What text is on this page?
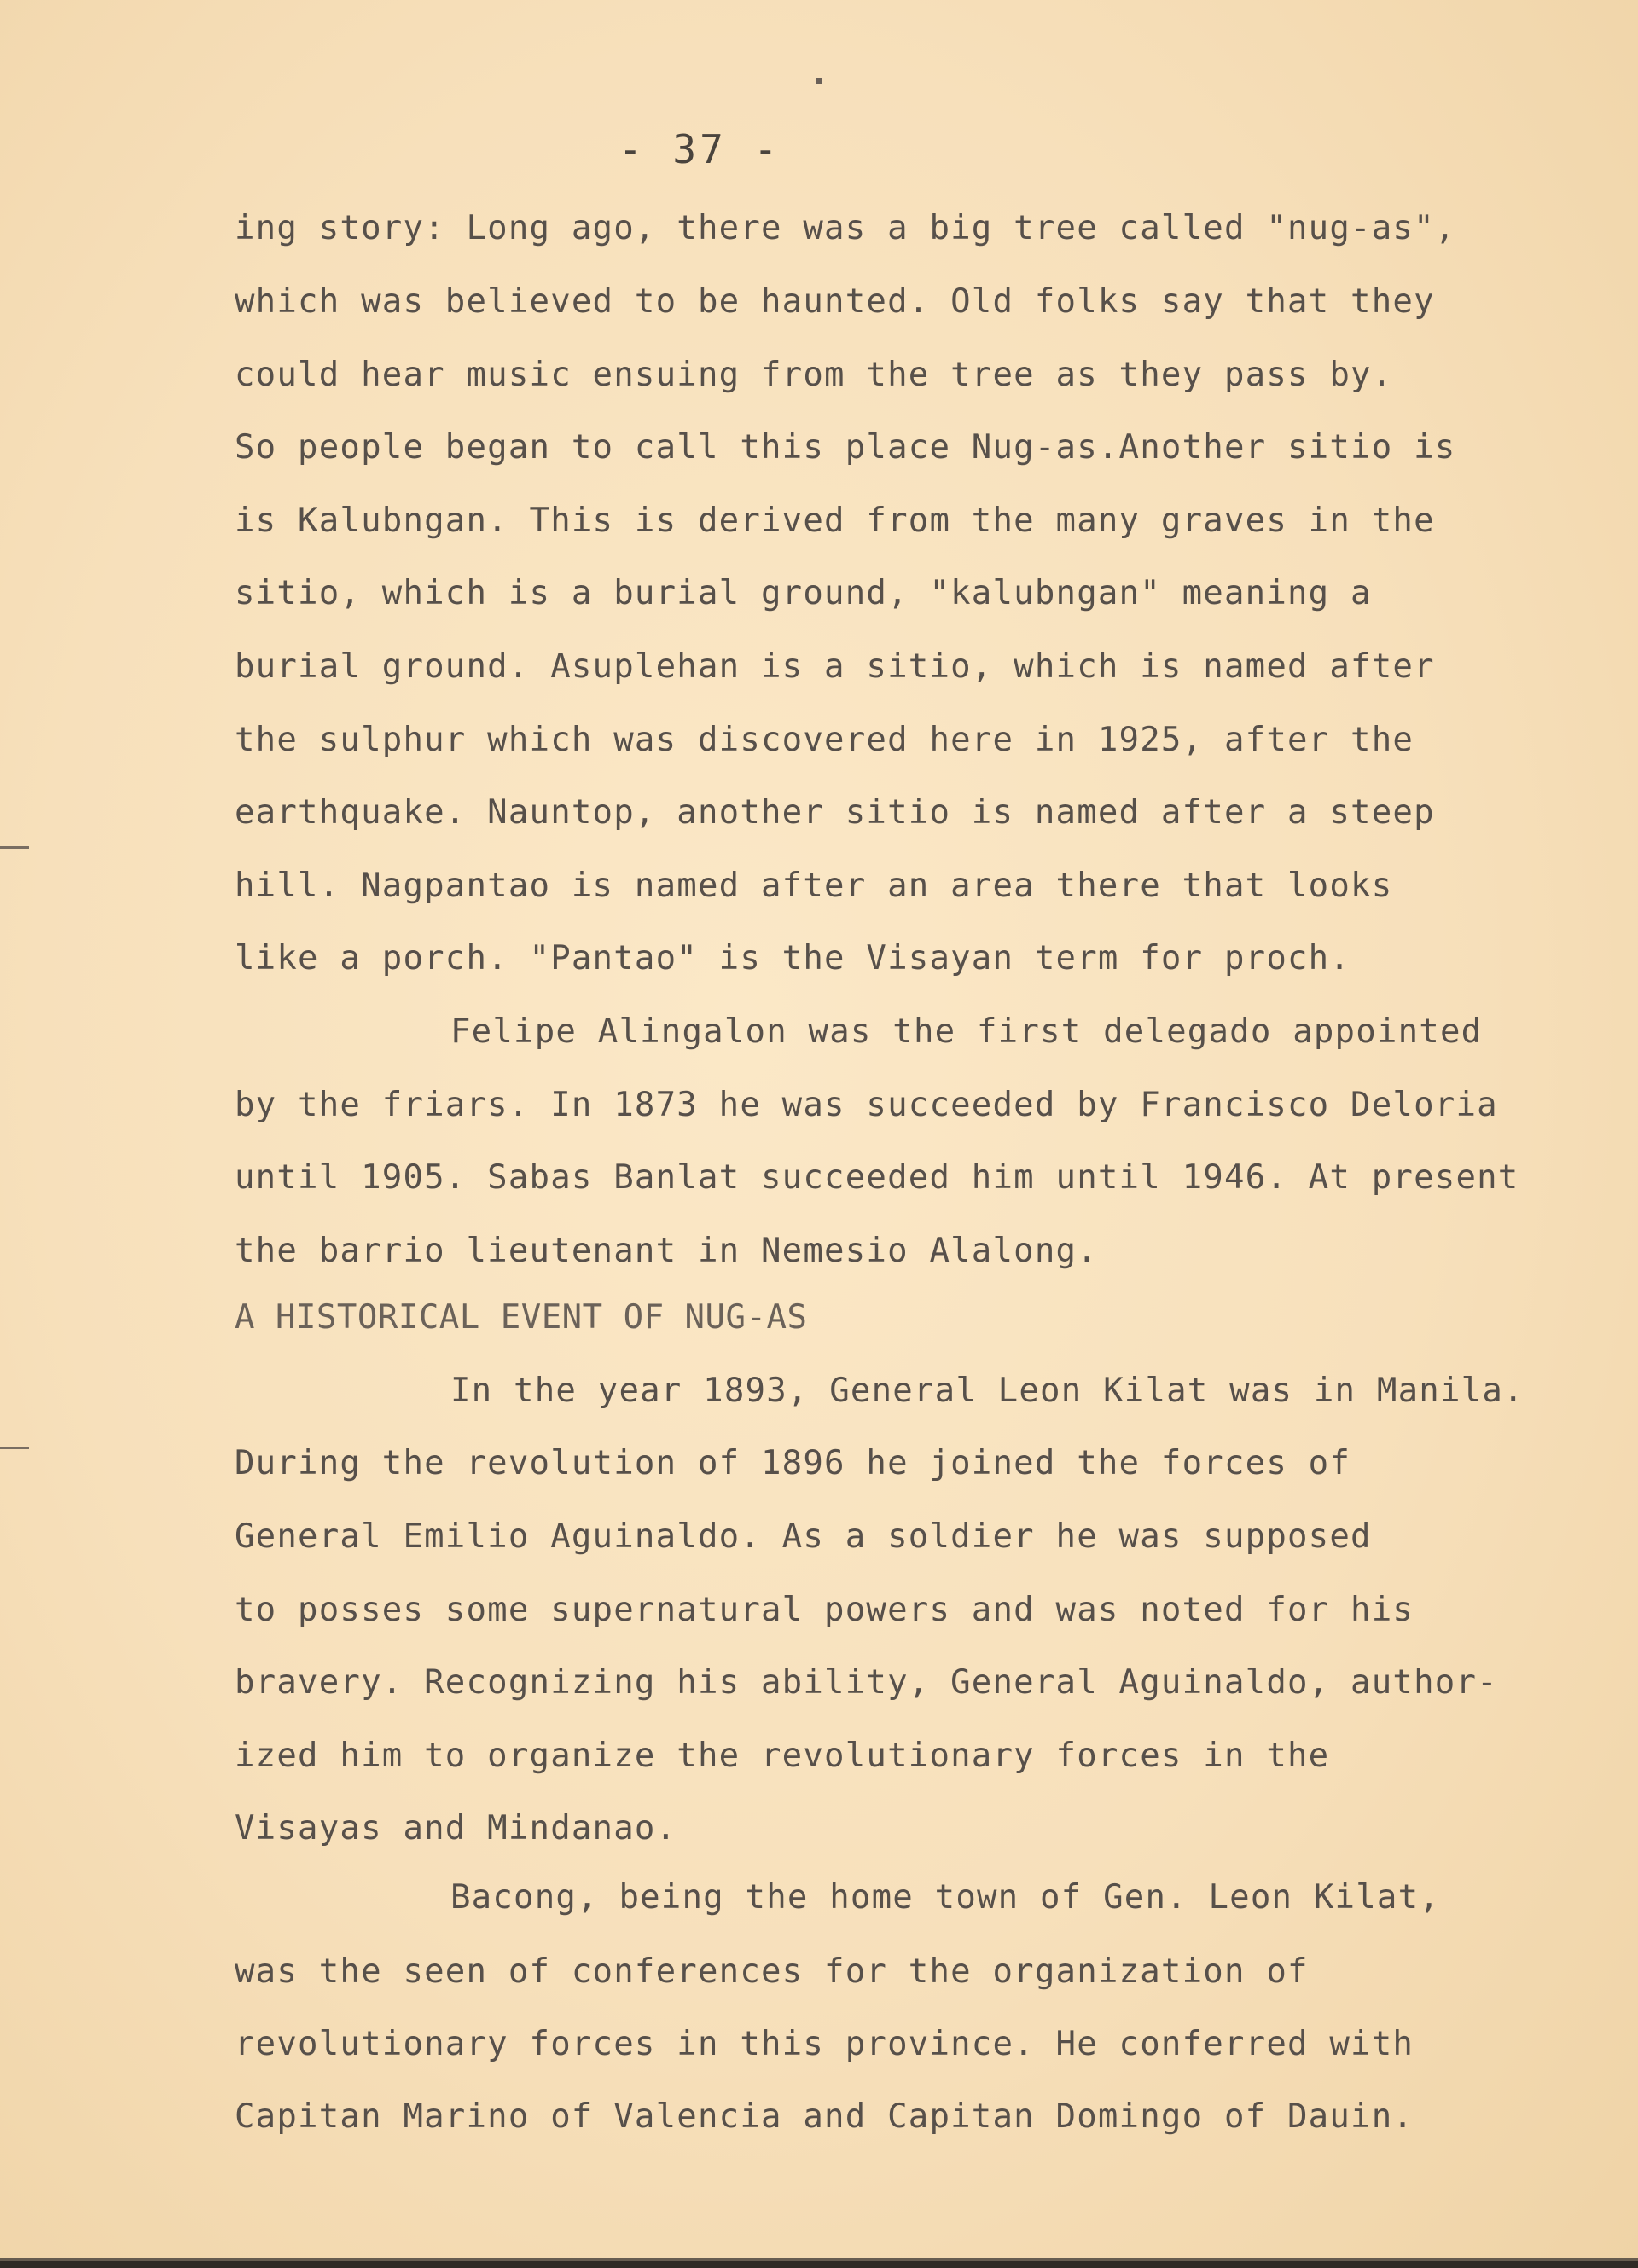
- 37 -
ing story: Long ago, there was a big tree called "nug-as",
which was believed to be haunted. Old folks say that they
could hear music ensuing from the tree as they pass by.
So people began to call this place Nug-as.Another sitio is
is Kalubngan. This is derived from the many graves in the
sitio, which is a burial ground, "kalubngan" meaning a
burial ground. Asuplehan is a sitio, which is named after
the sulphur which was discovered here in 1925, after the
earthquake. Nauntop, another sitio is named after a steep
hill. Nagpantao is named after an area there that looks
like a porch. "Pantao" is the Visayan term for proch.
Felipe Alingalon was the first delegado appointed
by the friars. In 1873 he was succeeded by Francisco Deloria
until 1905. Sabas Banlat succeeded him until 1946. At present
the barrio lieutenant in Nemesio Alalong.
A HISTORICAL EVENT OF NUG-AS
In the year 1893, General Leon Kilat was in Manila.
During the revolution of 1896 he joined the forces of
General Emilio Aguinaldo. As a soldier he was supposed
to posses some supernatural powers and was noted for his
bravery. Recognizing his ability, General Aguinaldo, author-
ized him to organize the revolutionary forces in the
Visayas and Mindanao.
Bacong, being the home town of Gen. Leon Kilat,
was the seen of conferences for the organization of
revolutionary forces in this province. He conferred with
Capitan Marino of Valencia and Capitan Domingo of Dauin.
